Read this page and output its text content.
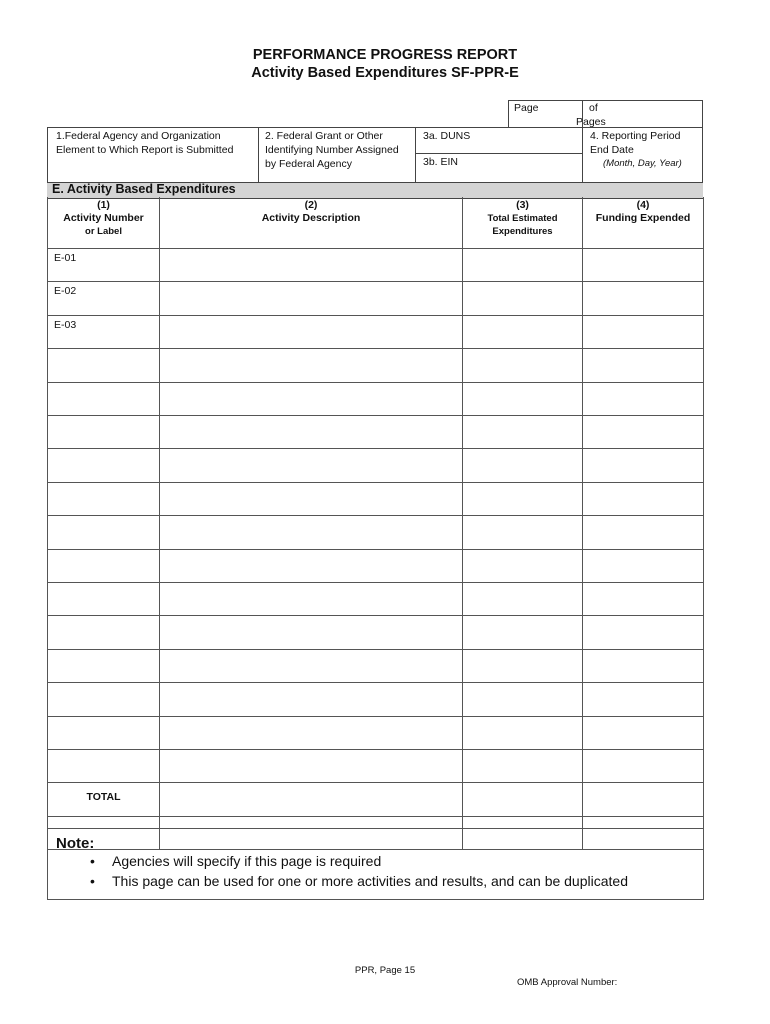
PERFORMANCE PROGRESS REPORT
Activity Based Expenditures SF-PPR-E
Page	of
Pages
1.Federal Agency and Organization
Element to Which Report is Submitted
2. Federal Grant or Other
Identifying Number Assigned
by Federal Agency
3a. DUNS
3b. EIN
4. Reporting Period
End Date
(Month, Day, Year)
E. Activity Based Expenditures
(1)
Activity Number
or Label
(2)
Activity Description
(3)
Total Estimated
Expenditures
(4)
Funding Expended
E-01
E-02
E-03
TOTAL
Note:
• Agencies will specify if this page is required
• This page can be used for one or more activities and results, and can be duplicated
PPR, Page 15
OMB Approval Number:
